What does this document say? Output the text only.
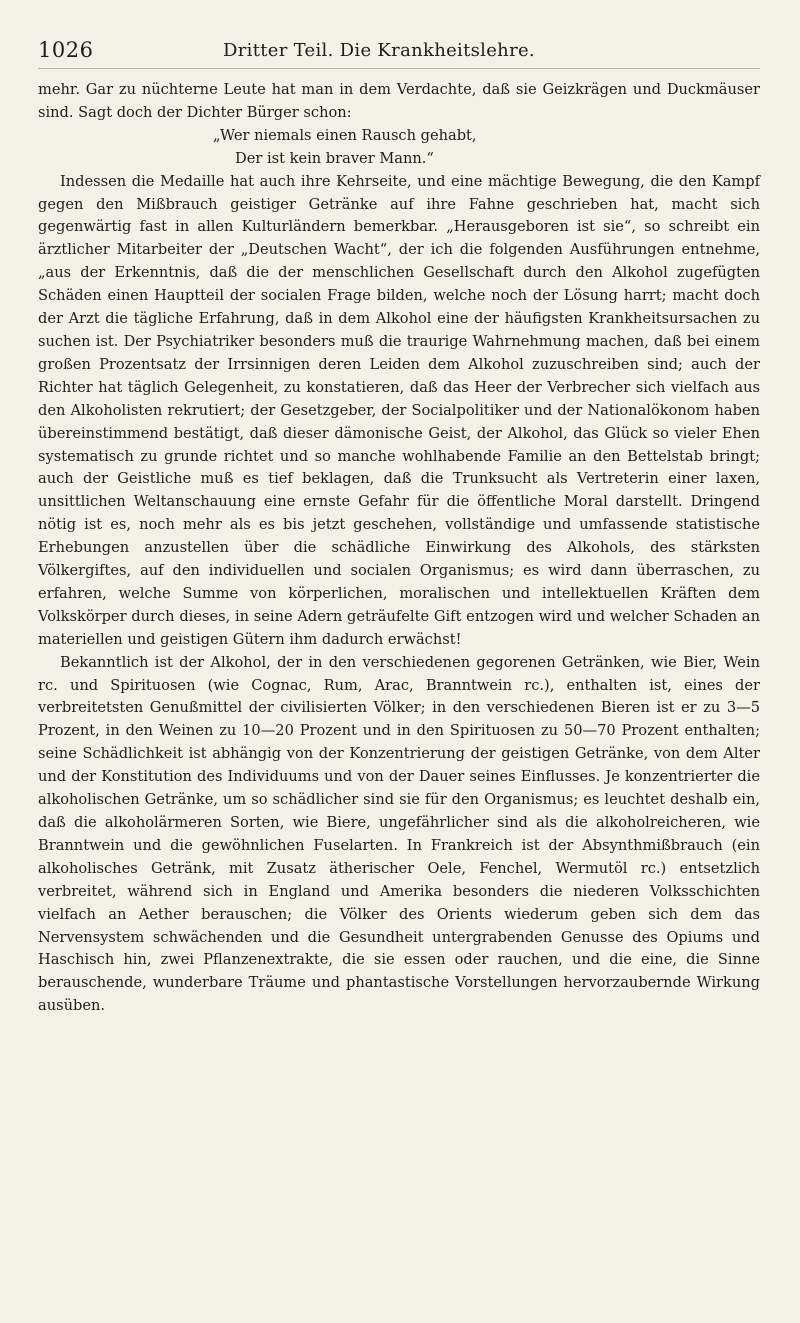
1026	Dritter Teil. Die Krankheitslehre.

mehr. Gar zu nüchterne Leute hat man in dem Verdachte, daß sie Geizkrägen und Duckmäuser sind. Sagt doch der Dichter Bürger schon:

„Wer niemals einen Rausch gehabt,
Der ist kein braver Mann.“

Indessen die Medaille hat auch ihre Kehrseite, und eine mächtige Bewegung, die den Kampf gegen den Mißbrauch geistiger Getränke auf ihre Fahne geschrieben hat, macht sich gegenwärtig fast in allen Kulturländern bemerkbar. „Herausgeboren ist sie“, so schreibt ein ärztlicher Mitarbeiter der „Deutschen Wacht“, der ich die folgenden Ausführungen entnehme, „aus der Erkenntnis, daß die der menschlichen Gesellschaft durch den Alkohol zugefügten Schäden einen Hauptteil der socialen Frage bilden, welche noch der Lösung harrt; macht doch der Arzt die tägliche Erfahrung, daß in dem Alkohol eine der häufigsten Krankheitsursachen zu suchen ist. Der Psychiatriker besonders muß die traurige Wahrnehmung machen, daß bei einem großen Prozentsatz der Irrsinnigen deren Leiden dem Alkohol zuzuschreiben sind; auch der Richter hat täglich Gelegenheit, zu konstatieren, daß das Heer der Verbrecher sich vielfach aus den Alkoholisten rekrutiert; der Gesetzgeber, der Socialpolitiker und der Nationalökonom haben übereinstimmend bestätigt, daß dieser dämonische Geist, der Alkohol, das Glück so vieler Ehen systematisch zu grunde richtet und so manche wohlhabende Familie an den Bettelstab bringt; auch der Geistliche muß es tief beklagen, daß die Trunksucht als Vertreterin einer laxen, unsittlichen Weltanschauung eine ernste Gefahr für die öffentliche Moral darstellt. Dringend nötig ist es, noch mehr als es bis jetzt geschehen, vollständige und umfassende statistische Erhebungen anzustellen über die schädliche Einwirkung des Alkohols, des stärksten Völkergiftes, auf den individuellen und socialen Organismus; es wird dann überraschen, zu erfahren, welche Summe von körperlichen, moralischen und intellektuellen Kräften dem Volkskörper durch dieses, in seine Adern geträufelte Gift entzogen wird und welcher Schaden an materiellen und geistigen Gütern ihm dadurch erwächst!

Bekanntlich ist der Alkohol, der in den verschiedenen gegorenen Getränken, wie Bier, Wein rc. und Spirituosen (wie Cognac, Rum, Arac, Branntwein rc.), enthalten ist, eines der verbreitetsten Genußmittel der civilisierten Völker; in den verschiedenen Bieren ist er zu 3—5 Prozent, in den Weinen zu 10—20 Prozent und in den Spirituosen zu 50—70 Prozent enthalten; seine Schädlichkeit ist abhängig von der Konzentrierung der geistigen Getränke, von dem Alter und der Konstitution des Individuums und von der Dauer seines Einflusses. Je konzentrierter die alkoholischen Getränke, um so schädlicher sind sie für den Organismus; es leuchtet deshalb ein, daß die alkoholärmeren Sorten, wie Biere, ungefährlicher sind als die alkoholreicheren, wie Branntwein und die gewöhnlichen Fuselarten. In Frankreich ist der Absynthmißbrauch (ein alkoholisches Getränk, mit Zusatz ätherischer Oele, Fenchel, Wermutöl rc.) entsetzlich verbreitet, während sich in England und Amerika besonders die niederen Volksschichten vielfach an Aether berauschen; die Völker des Orients wiederum geben sich dem das Nervensystem schwächenden und die Gesundheit untergrabenden Genusse des Opiums und Haschisch hin, zwei Pflanzenextrakte, die sie essen oder rauchen, und die eine, die Sinne berauschende, wunderbare Träume und phantastische Vorstellungen hervorzaubernde Wirkung ausüben.
